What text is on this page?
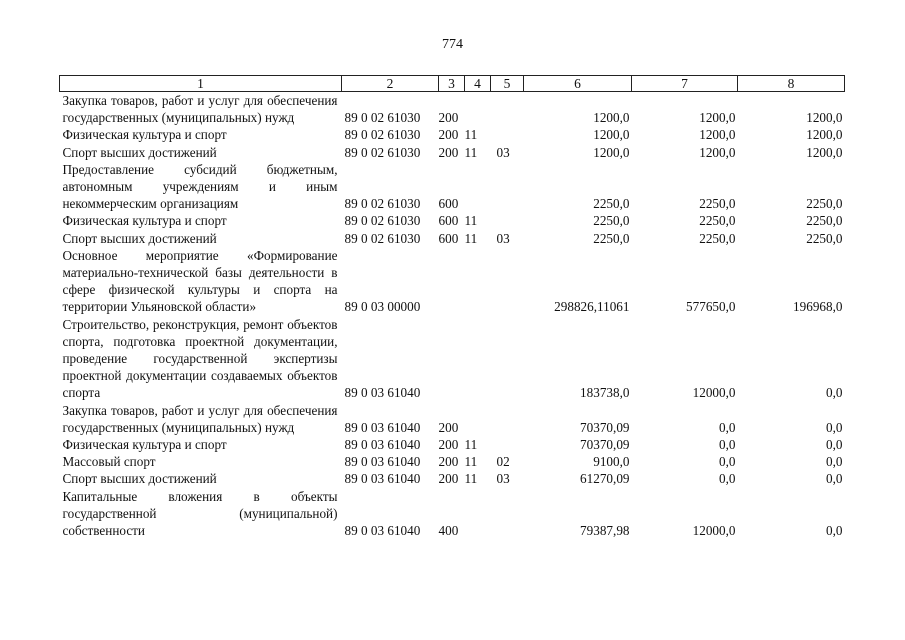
774
1	2	3	4	5	6	7	8
Закупка товаров, работ и услуг для обеспечения государственных (муниципальных) нужд	89 0 02 61030	200			1200,0	1200,0	1200,0
Физическая культура и спорт	89 0 02 61030	200	11		1200,0	1200,0	1200,0
Спорт высших достижений	89 0 02 61030	200	11	03	1200,0	1200,0	1200,0
Предоставление субсидий бюджетным, автономным учреждениям и иным некоммерческим организациям	89 0 02 61030	600			2250,0	2250,0	2250,0
Физическая культура и спорт	89 0 02 61030	600	11		2250,0	2250,0	2250,0
Спорт высших достижений	89 0 02 61030	600	11	03	2250,0	2250,0	2250,0
Основное мероприятие «Формирование материально-технической базы деятельности в сфере физической культуры и спорта на территории Ульяновской области»	89 0 03 00000				298826,11061	577650,0	196968,0
Строительство, реконструкция, ремонт объектов спорта, подготовка проектной документации, проведение государственной экспертизы проектной документации создаваемых объектов спорта	89 0 03 61040				183738,0	12000,0	0,0
Закупка товаров, работ и услуг для обеспечения государственных (муниципальных) нужд	89 0 03 61040	200			70370,09	0,0	0,0
Физическая культура и спорт	89 0 03 61040	200	11		70370,09	0,0	0,0
Массовый спорт	89 0 03 61040	200	11	02	9100,0	0,0	0,0
Спорт высших достижений	89 0 03 61040	200	11	03	61270,09	0,0	0,0
Капитальные вложения в объекты государственной (муниципальной) собственности	89 0 03 61040	400			79387,98	12000,0	0,0
